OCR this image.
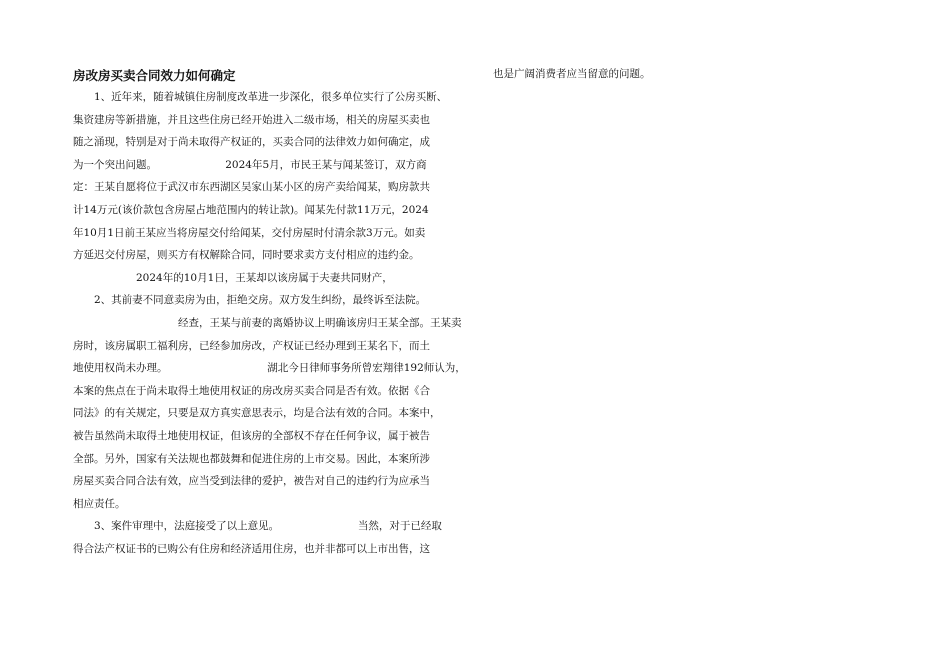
房改房买卖合同效力如何确定
　　1、近年来，随着城镇住房制度改革进一步深化，很多单位实行了公房买断、
集资建房等新措施，并且这些住房已经开始进入二级市场，相关的房屋买卖也
随之涌现，特别是对于尚未取得产权证的，买卖合同的法律效力如何确定，成
为一个突出问题。　　　　　　　2024年5月，市民王某与闻某签订，双方商
定：王某自愿将位于武汉市东西湖区吴家山某小区的房产卖给闻某，购房款共
计14万元(该价款包含房屋占地范围内的转让款)。闻某先付款11万元，2024
年10月1日前王某应当将房屋交付给闻某，交付房屋时付清余款3万元。如卖
方延迟交付房屋，则买方有权解除合同，同时要求卖方支付相应的违约金。
　　　　　　2024年的10月1日，王某却以该房属于夫妻共同财产，
　　2、其前妻不同意卖房为由，拒绝交房。双方发生纠纷，最终诉至法院。
　　　　　　　　　　经查，王某与前妻的离婚协议上明确该房归王某全部。王某卖
房时，该房属职工福利房，已经参加房改，产权证已经办理到王某名下，而土
地使用权尚未办理。　　　　　　　　　　湖北今日律师事务所曾宏翔律192师认为，
本案的焦点在于尚未取得土地使用权证的房改房买卖合同是否有效。依据《合
同法》的有关规定，只要是双方真实意思表示，均是合法有效的合同。本案中，
被告虽然尚未取得土地使用权证，但该房的全部权不存在任何争议，属于被告
全部。另外，国家有关法规也都鼓舞和促进住房的上市交易。因此，本案所涉
房屋买卖合同合法有效，应当受到法律的爱护，被告对自己的违约行为应承当
相应责任。
　　3、案件审理中，法庭接受了以上意见。　　　　　　　　当然，对于已经取
得合法产权证书的已购公有住房和经济适用住房，也并非都可以上市出售，这
也是广阔消费者应当留意的问题。
